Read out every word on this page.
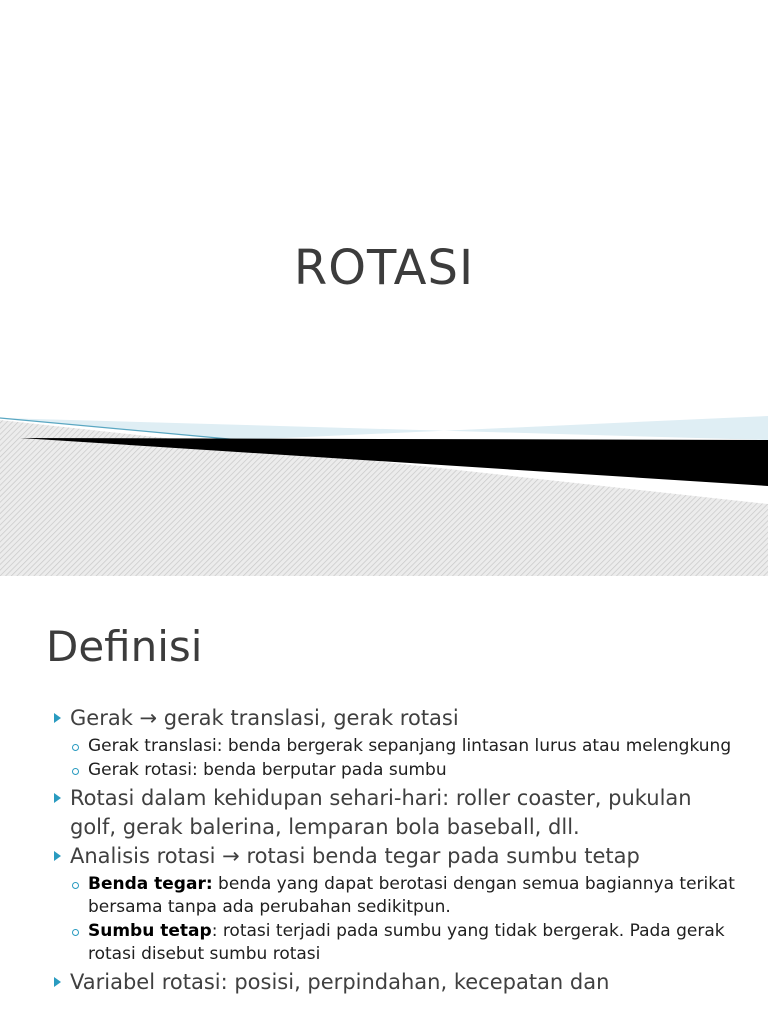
ROTASI
Definisi
Gerak → gerak translasi, gerak rotasi
Gerak translasi: benda bergerak sepanjang lintasan lurus atau melengkung
Gerak rotasi: benda berputar pada sumbu
Rotasi dalam kehidupan sehari-hari: roller coaster, pukulan golf, gerak balerina, lemparan bola baseball, dll.
Analisis rotasi → rotasi benda tegar pada sumbu tetap
Benda tegar: benda yang dapat berotasi dengan semua bagiannya terikat bersama tanpa ada perubahan sedikitpun.
Sumbu tetap: rotasi terjadi pada sumbu yang tidak bergerak. Pada gerak rotasi disebut sumbu rotasi
Variabel rotasi: posisi, perpindahan, kecepatan dan
